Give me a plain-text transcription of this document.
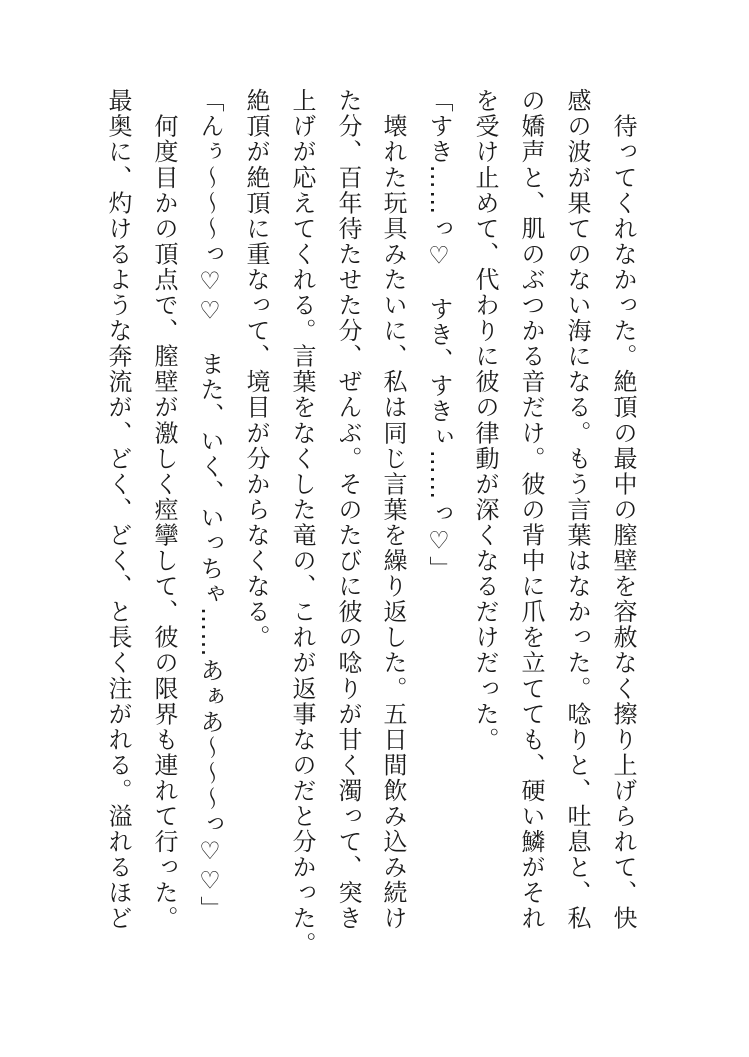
　待ってくれなかった。絶頂の最中の膣壁を容赦なく擦り上げられて、快

感の波が果てのない海になる。もう言葉はなかった。唸りと、吐息と、私

の嬌声と、肌のぶつかる音だけ。彼の背中に爪を立てても、硬い鱗がそれ

を受け止めて、代わりに彼の律動が深くなるだけだった。

「すき……っ♡　すき、すきぃ……っ♡」

　壊れた玩具みたいに、私は同じ言葉を繰り返した。五日間飲み込み続け

た分、百年待たせた分、ぜんぶ。そのたびに彼の唸りが甘く濁って、突き

上げが応えてくれる。言葉をなくした竜の、これが返事なのだと分かった。

絶頂が絶頂に重なって、境目が分からなくなる。

「んぅ〜〜〜っ♡♡　また、いく、いっちゃ……あぁあ〜〜〜っ♡♡」

　何度目かの頂点で、膣壁が激しく痙攣して、彼の限界も連れて行った。

最奥に、灼けるような奔流が、どく、どく、と長く注がれる。溢れるほど
